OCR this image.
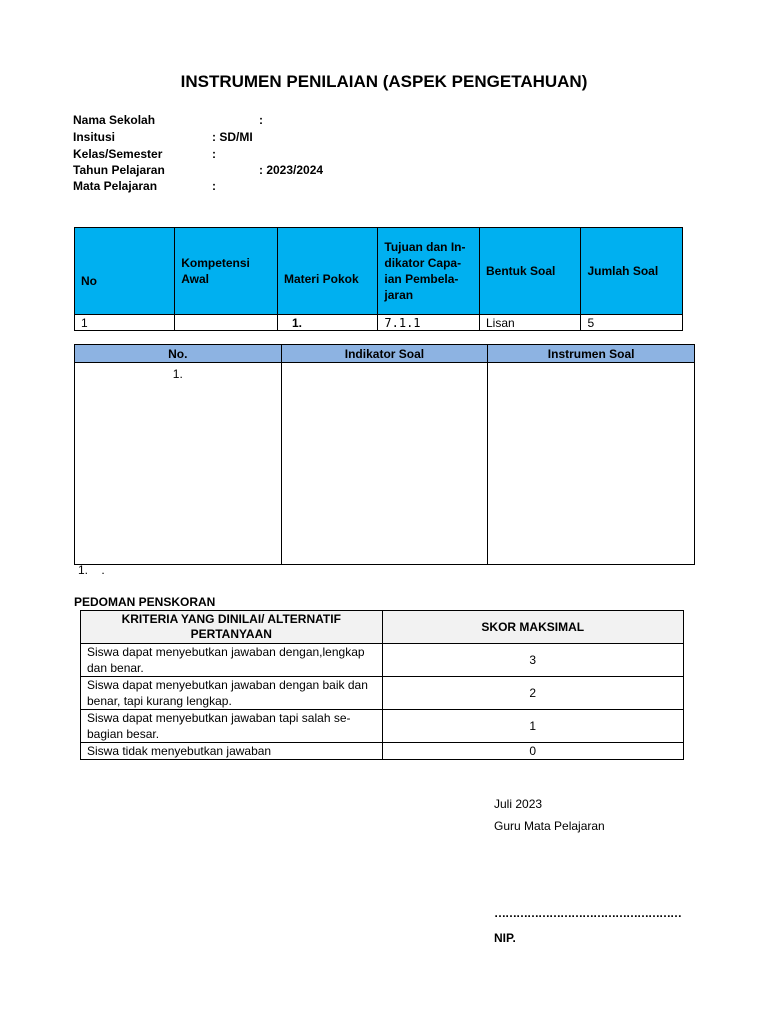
INSTRUMEN PENILAIAN (ASPEK PENGETAHUAN)
Nama Sekolah	:
Insitusi	: SD/MI
Kelas/Semester	:
Tahun Pelajaran	: 2023/2024
Mata Pelajaran	:
No	Kompetensi Awal	Materi Pokok	Tujuan dan In-dikator Capa-ian Pembela-jaran	Bentuk Soal	Jumlah Soal
1		1.	7.1.1	Lisan	5
No.	Indikator Soal	Instrumen Soal
1.		
1.    .
PEDOMAN PENSKORAN
KRITERIA YANG DINILAI/ ALTERNATIF PERTANYAAN	SKOR MAKSIMAL
Siswa dapat menyebutkan jawaban dengan,lengkap dan benar.	3
Siswa dapat menyebutkan jawaban dengan baik dan benar, tapi kurang lengkap.	2
Siswa dapat menyebutkan jawaban tapi salah se-bagian besar.	1
Siswa tidak menyebutkan jawaban	0
Juli 2023
Guru Mata Pelajaran
……………………………………………
NIP.
